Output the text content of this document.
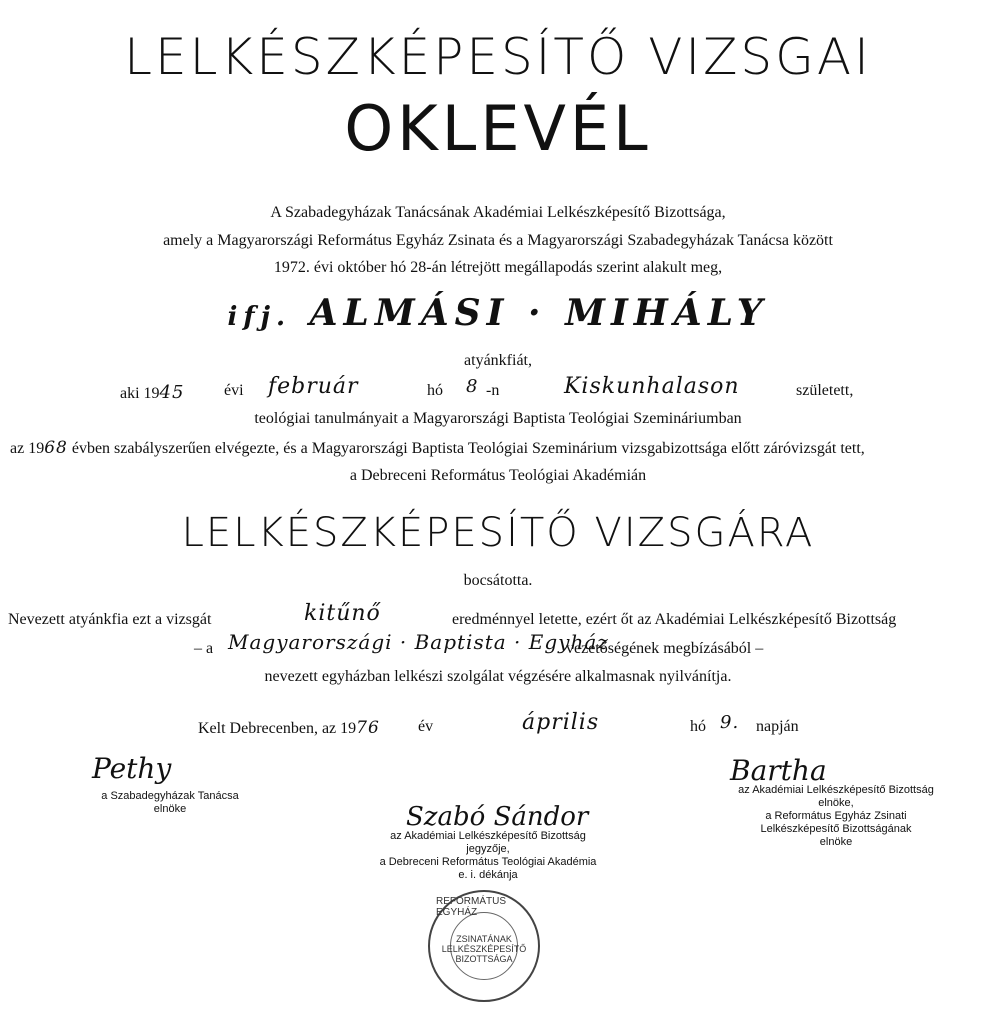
LELKÉSZKÉPESÍTŐ VIZSGAI
OKLEVÉL
A Szabadegyházak Tanácsának Akadémiai Lelkészképesítő Bizottsága,
amely a Magyarországi Református Egyház Zsinata és a Magyarországi Szabadegyházak Tanácsa között
1972. évi október hó 28-án létrejött megállapodás szerint alakult meg,
ifj. ALMÁSI · MIHÁLY
atyánkfiát,
aki 1945 évi február	hó 8 -n	Kiskunhalason	született,
teológiai tanulmányait a Magyarországi Baptista Teológiai Szemináriumban
az 1968 évben szabályszerűen elvégezte, és a Magyarországi Baptista Teológiai Szeminárium vizsgabizottsága előtt záróvizsgát tett,
a Debreceni Református Teológiai Akadémián
LELKÉSZKÉPESÍTŐ VIZSGÁRA
bocsátotta.
Nevezett atyánkfia ezt a vizsgát	kitűnő	eredménnyel letette, ezért őt az Akadémiai Lelkészképesítő Bizottság
– a Magyarországi · Baptista · Egyház
vezetőségének megbízásából –
nevezett egyházban lelkészi szolgálat végzésére alkalmasnak nyilvánítja.
Kelt Debrecenben, az 1976 év	április	hó 9. napján
Pethy
a Szabadegyházak Tanácsa
elnöke	Szabó Sándor
az Akadémiai Lelkészképesítő Bizottság
jegyzője,
a Debreceni Református Teológiai Akadémia
e. i. dékánja
Bartha
az Akadémiai Lelkészképesítő Bizottság
elnöke,
a Református Egyház Zsinati
Lelkészképesítő Bizottságának
elnöke
REFORMÁTUS EGYHÁZ
ZSINATÁNAK
LELKÉSZKÉPESÍTŐ
BIZOTTSÁGA
